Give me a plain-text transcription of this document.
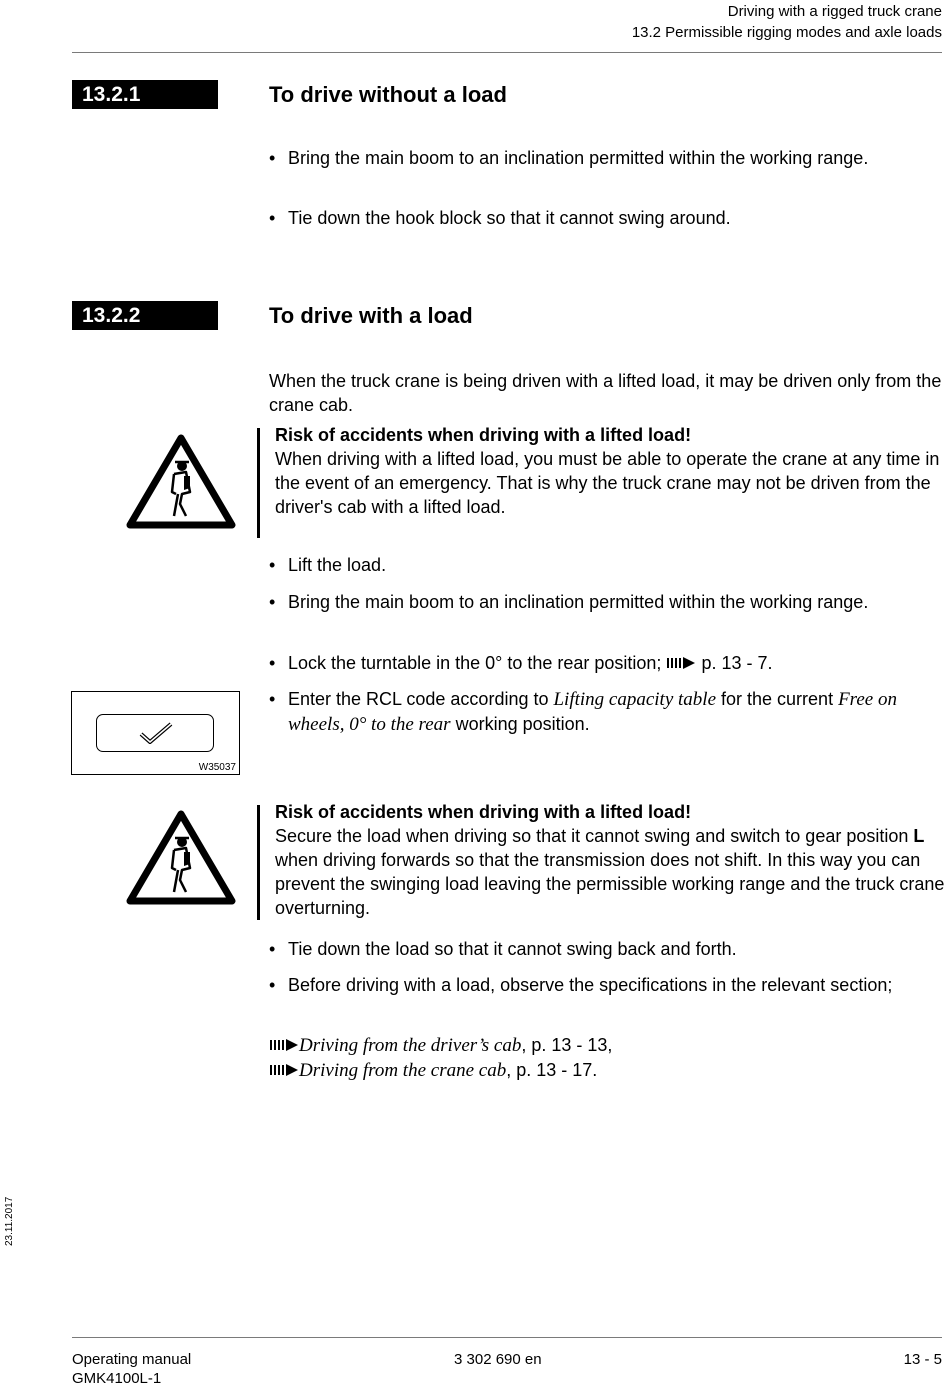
Driving with a rigged truck crane
13.2 Permissible rigging modes and axle loads
13.2.1	To drive without a load
• Bring the main boom to an inclination permitted within the working range.
• Tie down the hook block so that it cannot swing around.
13.2.2	To drive with a load
When the truck crane is being driven with a lifted load, it may be driven only from the crane cab.
Risk of accidents when driving with a lifted load!
When driving with a lifted load, you must be able to operate the crane at any time in the event of an emergency. That is why the truck crane may not be driven from the driver's cab with a lifted load.
• Lift the load.
• Bring the main boom to an inclination permitted within the working range.
• Lock the turntable in the 0° to the rear position; p. 13 - 7.
W35037
• Enter the RCL code according to Lifting capacity table for the current Free on wheels, 0° to the rear working position.
Risk of accidents when driving with a lifted load!
Secure the load when driving so that it cannot swing and switch to gear position L when driving forwards so that the transmission does not shift. In this way you can prevent the swinging load leaving the permissible working range and the truck crane overturning.
• Tie down the load so that it cannot swing back and forth.
• Before driving with a load, observe the specifications in the relevant section;
Driving from the driver’s cab, p. 13 - 13,
Driving from the crane cab, p. 13 - 17.
23.11.2017
Operating manual
GMK4100L-1
3 302 690 en	13 - 5
